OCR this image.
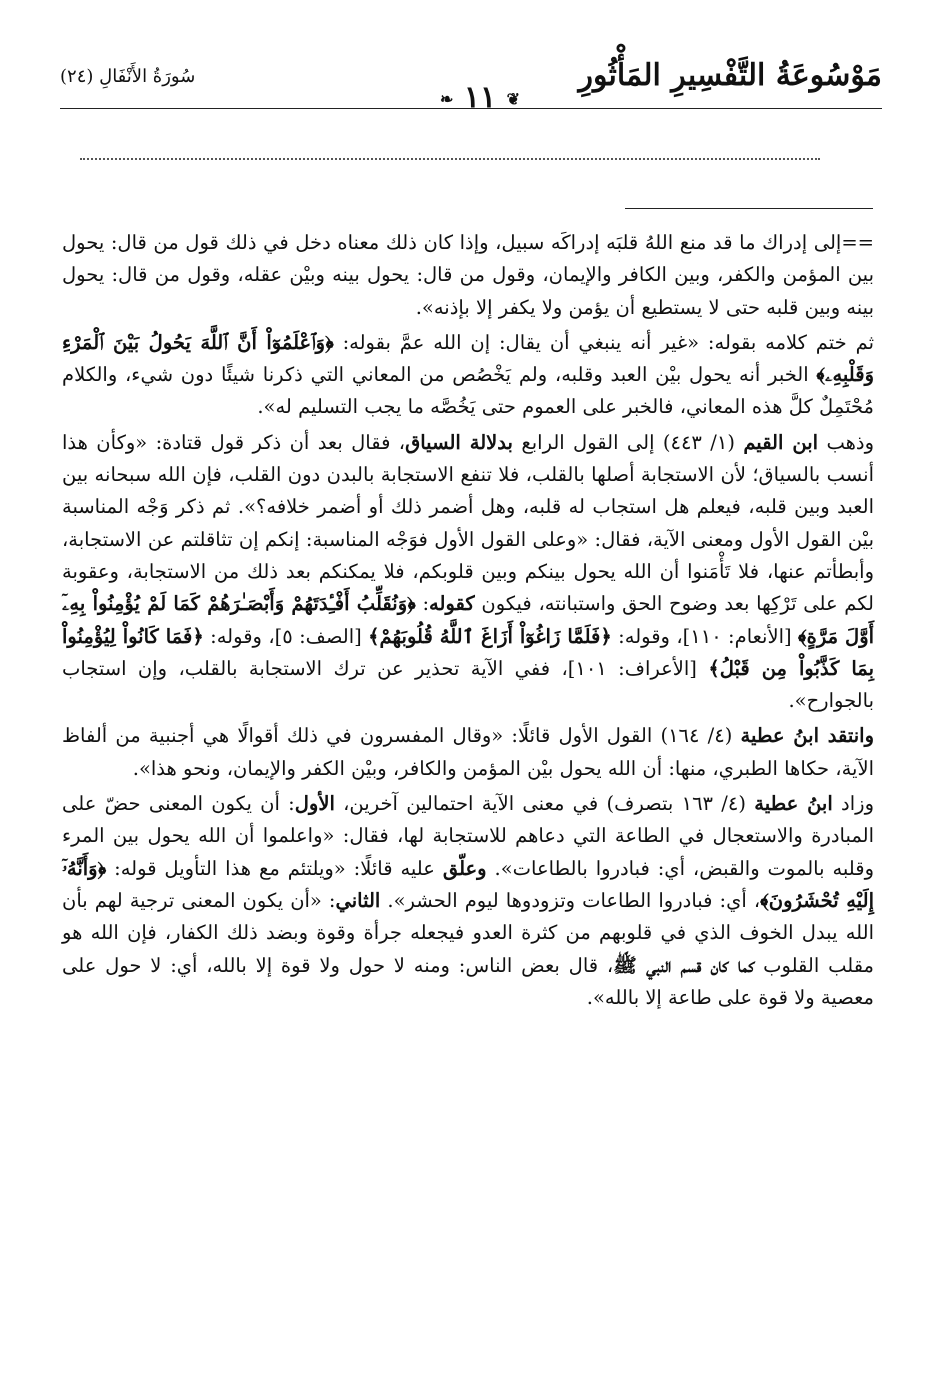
مَوْسُوعَةُ التَّفْسِيرِ المَأْثُورِ
❦ ١١ ❧
سُورَةُ الأَنْفَالِ (٢٤)

==إلى إدراك ما قد منع اللهُ قلبَه إدراكَه سبيل، وإذا كان ذلك معناه دخل في ذلك قول من قال: يحول بين المؤمن والكفر، وبين الكافر والإيمان، وقول من قال: يحول بينه وبيْن عقله، وقول من قال: يحول بينه وبين قلبه حتى لا يستطيع أن يؤمن ولا يكفر إلا بإذنه».

ثم ختم كلامه بقوله: «غير أنه ينبغي أن يقال: إن الله عمَّ بقوله: ﴿وَٱعْلَمُوٓاْ أَنَّ ٱللَّهَ يَحُولُ بَيْنَ ٱلْمَرْءِ وَقَلْبِهِۦ﴾ الخبر أنه يحول بيْن العبد وقلبه، ولم يَخْصُص من المعاني التي ذكرنا شيئًا دون شيء، والكلام مُحْتَمِلٌ كلَّ هذه المعاني، فالخبر على العموم حتى يَخُصَّه ما يجب التسليم له».

وذهب ابن القيم (١/ ٤٤٣) إلى القول الرابع بدلالة السياق، فقال بعد أن ذكر قول قتادة: «وكأن هذا أنسب بالسياق؛ لأن الاستجابة أصلها بالقلب، فلا تنفع الاستجابة بالبدن دون القلب، فإن الله سبحانه بين العبد وبين قلبه، فيعلم هل استجاب له قلبه، وهل أضمر ذلك أو أضمر خلافه؟». ثم ذكر وَجْه المناسبة بيْن القول الأول ومعنى الآية، فقال: «وعلى القول الأول فوَجْه المناسبة: إنكم إن تثاقلتم عن الاستجابة، وأبطأتم عنها، فلا تَأْمَنوا أن الله يحول بينكم وبين قلوبكم، فلا يمكنكم بعد ذلك من الاستجابة، وعقوبة لكم على تَرْكِها بعد وضوح الحق واستبانته، فيكون كقوله: ﴿وَنُقَلِّبُ أَفْـِٔدَتَهُمْ وَأَبْصَـٰرَهُمْ كَمَا لَمْ يُؤْمِنُواْ بِهِۦٓ أَوَّلَ مَرَّةٍ﴾ [الأنعام: ١١٠]، وقوله: ﴿فَلَمَّا زَاغُوٓاْ أَزَاغَ ٱللَّهُ قُلُوبَهُمْ﴾ [الصف: ٥]، وقوله: ﴿فَمَا كَانُواْ لِيُؤْمِنُواْ بِمَا كَذَّبُواْ مِن قَبْلُ﴾ [الأعراف: ١٠١]، ففي الآية تحذير عن ترك الاستجابة بالقلب، وإن استجاب بالجوارح».

وانتقد ابنُ عطية (٤/ ١٦٤) القول الأول قائلًا: «وقال المفسرون في ذلك أقوالًا هي أجنبية من ألفاظ الآية، حكاها الطبري، منها: أن الله يحول بيْن المؤمن والكافر، وبيْن الكفر والإيمان، ونحو هذا».

وزاد ابنُ عطية (٤/ ١٦٣ بتصرف) في معنى الآية احتمالين آخرين، الأول: أن يكون المعنى حضّ على المبادرة والاستعجال في الطاعة التي دعاهم للاستجابة لها، فقال: «واعلموا أن الله يحول بين المرء وقلبه بالموت والقبض، أي: فبادروا بالطاعات». وعلّق عليه قائلًا: «ويلتئم مع هذا التأويل قوله: ﴿وَأَنَّهُۥٓ إِلَيْهِ تُحْشَرُونَ﴾، أي: فبادروا الطاعات وتزودوها ليوم الحشر». الثاني: «أن يكون المعنى ترجية لهم بأن الله يبدل الخوف الذي في قلوبهم من كثرة العدو فيجعله جرأة وقوة وبضد ذلك الكفار، فإن الله هو مقلب القلوب كما كان قسم النبي ﷺ، قال بعض الناس: ومنه لا حول ولا قوة إلا بالله، أي: لا حول على معصية ولا قوة على طاعة إلا بالله».
